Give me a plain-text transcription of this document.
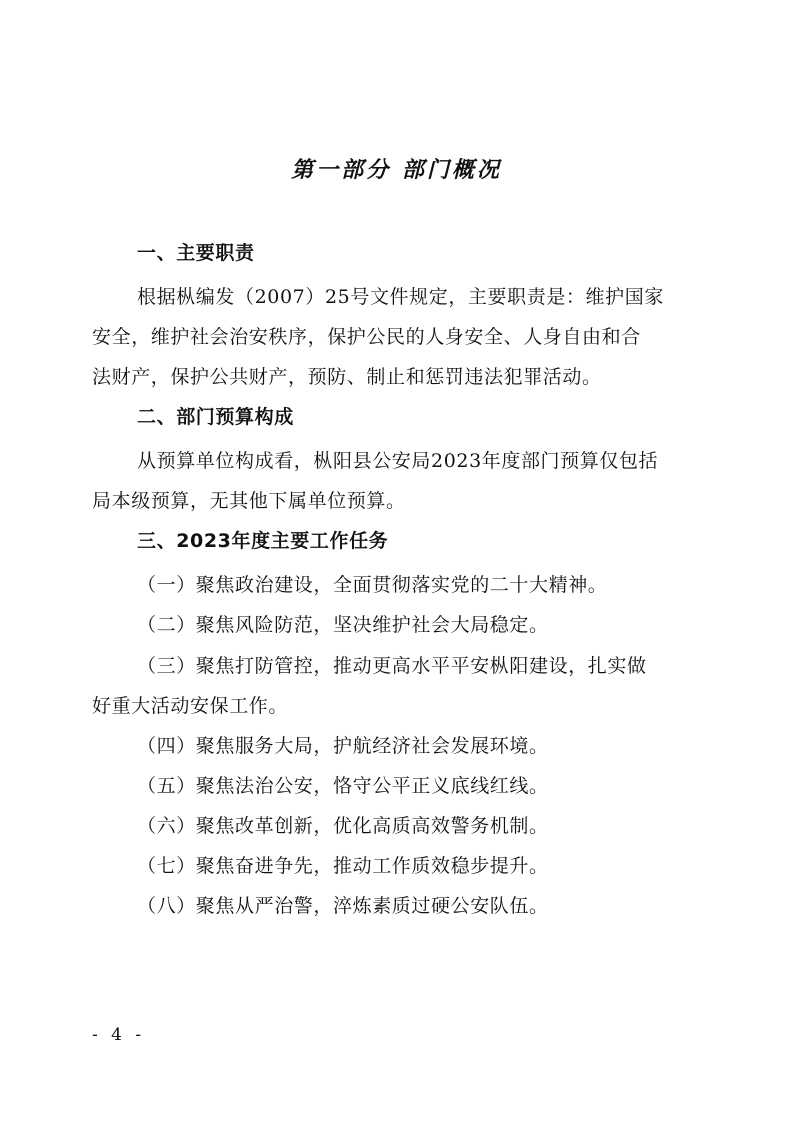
第一部分 部门概况
一、主要职责
根据枞编发（2007）25号文件规定，主要职责是：维护国家
安全，维护社会治安秩序，保护公民的人身安全、人身自由和合
法财产，保护公共财产，预防、制止和惩罚违法犯罪活动。
二、部门预算构成
从预算单位构成看，枞阳县公安局2023年度部门预算仅包括
局本级预算，无其他下属单位预算。
三、2023年度主要工作任务
（一）聚焦政治建设，全面贯彻落实党的二十大精神。
（二）聚焦风险防范，坚决维护社会大局稳定。
（三）聚焦打防管控，推动更高水平平安枞阳建设，扎实做
好重大活动安保工作。
（四）聚焦服务大局，护航经济社会发展环境。
（五）聚焦法治公安，恪守公平正义底线红线。
（六）聚焦改革创新，优化高质高效警务机制。
（七）聚焦奋进争先，推动工作质效稳步提升。
（八）聚焦从严治警，淬炼素质过硬公安队伍。
- 4 -
